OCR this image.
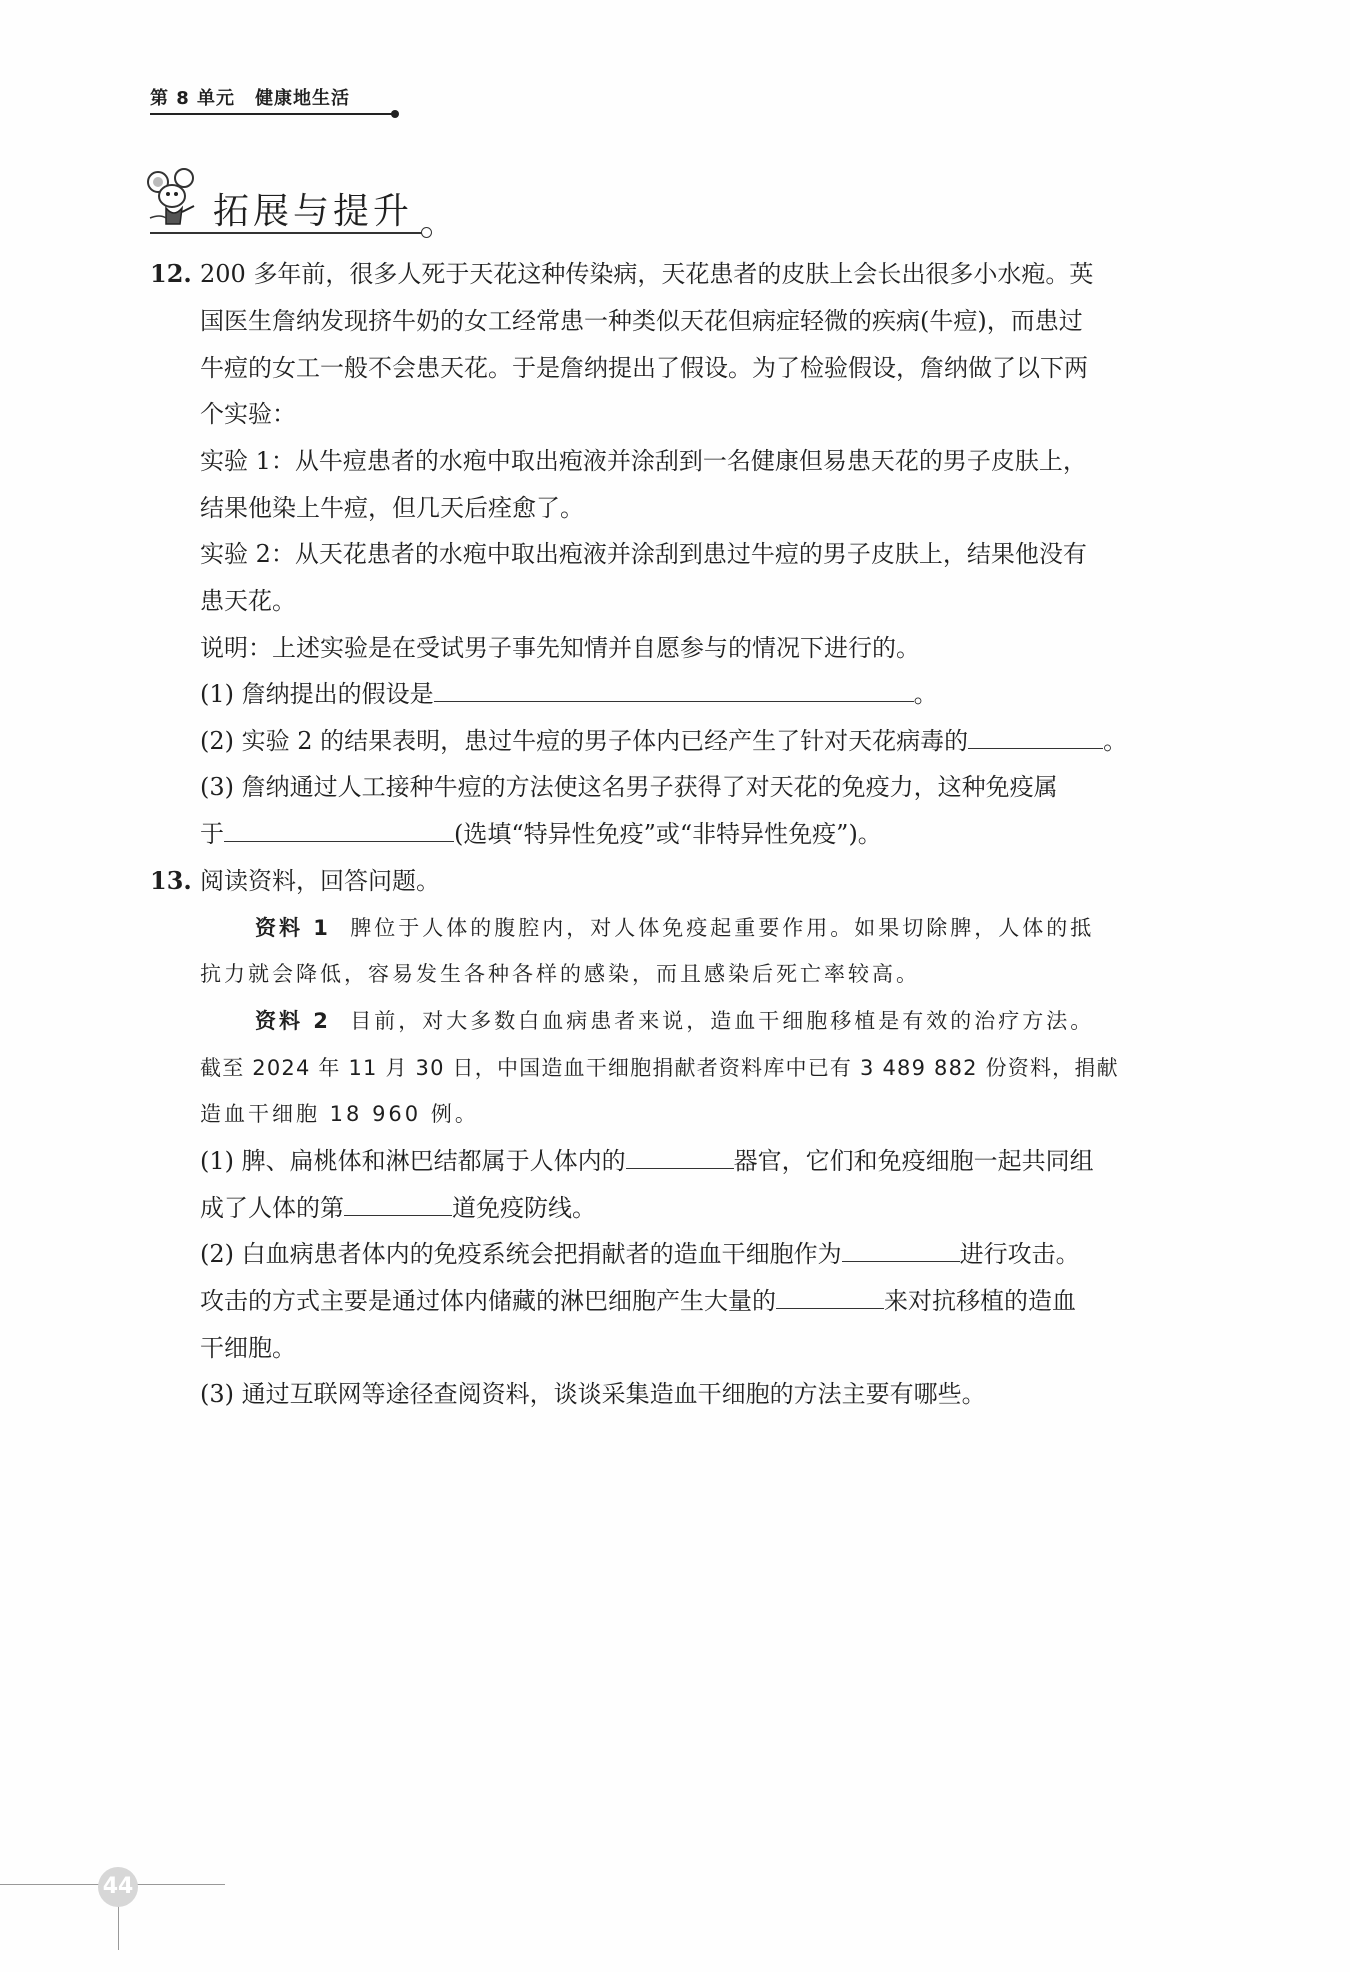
第 8 单元 健康地生活
拓展与提升
12. 200 多年前，很多人死于天花这种传染病，天花患者的皮肤上会长出很多小水疱。英
国医生詹纳发现挤牛奶的女工经常患一种类似天花但病症轻微的疾病(牛痘)，而患过
牛痘的女工一般不会患天花。于是詹纳提出了假设。为了检验假设，詹纳做了以下两
个实验：
实验 1：从牛痘患者的水疱中取出疱液并涂刮到一名健康但易患天花的男子皮肤上，
结果他染上牛痘，但几天后痊愈了。
实验 2：从天花患者的水疱中取出疱液并涂刮到患过牛痘的男子皮肤上，结果他没有
患天花。
说明：上述实验是在受试男子事先知情并自愿参与的情况下进行的。
(1) 詹纳提出的假设是	。
(2) 实验 2 的结果表明，患过牛痘的男子体内已经产生了针对天花病毒的	。
(3) 詹纳通过人工接种牛痘的方法使这名男子获得了对天花的免疫力，这种免疫属
于	(选填“特异性免疫”或“非特异性免疫”)。
13. 阅读资料，回答问题。
资料 1 脾位于人体的腹腔内，对人体免疫起重要作用。如果切除脾，人体的抵
抗力就会降低，容易发生各种各样的感染，而且感染后死亡率较高。
资料 2 目前，对大多数白血病患者来说，造血干细胞移植是有效的治疗方法。
截至 2024 年 11 月 30 日，中国造血干细胞捐献者资料库中已有 3 489 882 份资料，捐献
造血干细胞 18 960 例。
(1) 脾、扁桃体和淋巴结都属于人体内的	器官，它们和免疫细胞一起共同组
成了人体的第	道免疫防线。
(2) 白血病患者体内的免疫系统会把捐献者的造血干细胞作为	进行攻击。
攻击的方式主要是通过体内储藏的淋巴细胞产生大量的	来对抗移植的造血
干细胞。
(3) 通过互联网等途径查阅资料，谈谈采集造血干细胞的方法主要有哪些。
44
